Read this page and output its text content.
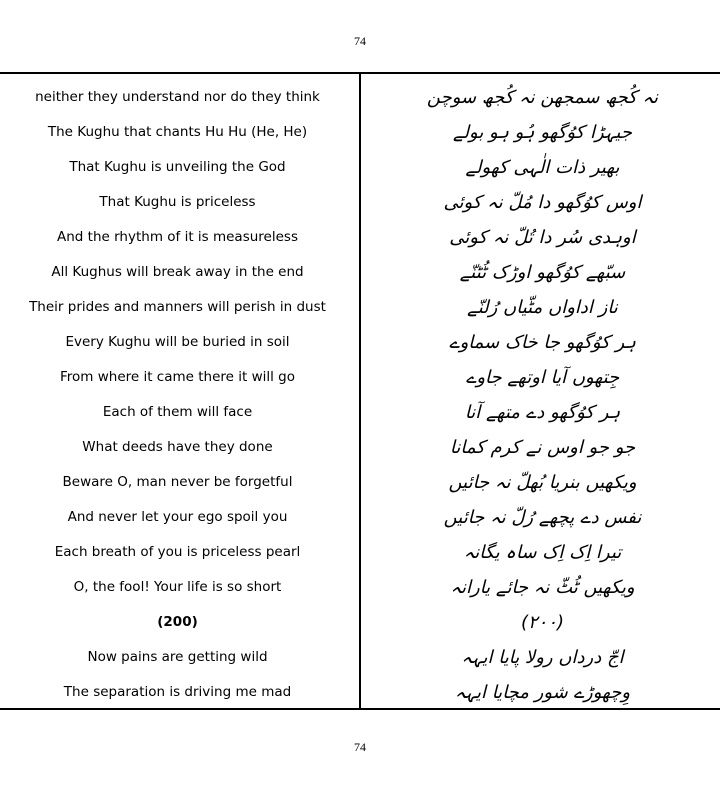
74
neither they understand nor do they think	نہ کُجھ سمجھن نہ کُجھ سوچن
The Kughu that chants Hu Hu (He, He)	جیہڑا کوُگھو ہُو ہو بولے
That Kughu is unveiling the God	بھیر ذات الٰہی کھولے
That Kughu is priceless	اوس کوُگھو دا مُلّ نہ کوئی
And the rhythm of it is measureless	اوہدی سُر دا تُلّ نہ کوئی
All Kughus will break away in the end	سبّھے کوُگھو اوڑک ٹُٹنّے
Their prides and manners will perish in dust	ناز اداواں مٹّیاں رُلنّے
Every Kughu will be buried in soil	ہر کوُگھو جا خاک سماوے
From where it came there it will go	جِتھوں آیا اوتھے جاوے
Each of them will face	ہر کوُگھو دے متھے آنا
What deeds have they done	جو جو اوس نے کرم کمانا
Beware O, man never be forgetful	ویکھیں بنریا بُھلّ نہ جائیں
And never let your ego spoil you	نفس دے پچھے رُلّ نہ جائیں
Each breath of you is priceless pearl	تیرا اِک اِک ساہ یگانہ
O, the fool! Your life is so short	ویکھیں ٹُٹّ نہ جائے یارانہ
(200)	(۲۰۰)
Now pains are getting wild	اجّ درداں رولا پایا ایہہ
The separation is driving me mad	وِچھوڑے شور مچایا ایہہ
74
